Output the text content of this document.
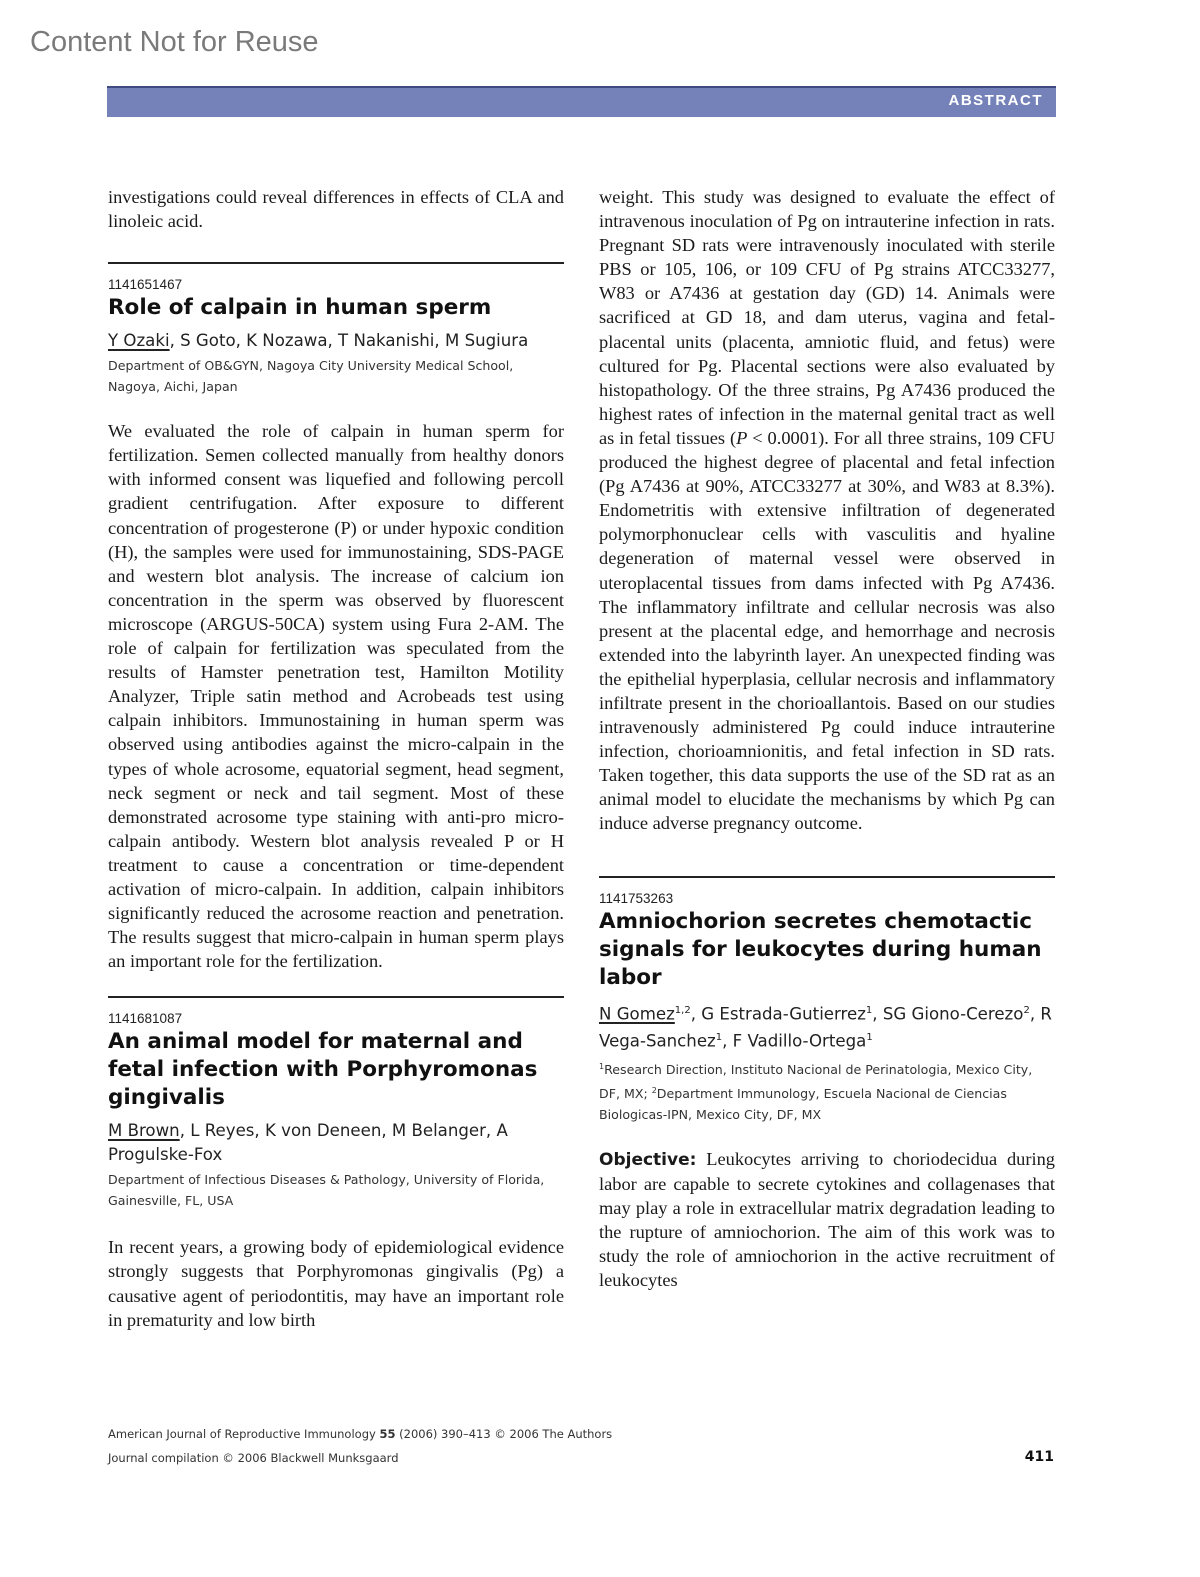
Content Not for Reuse
ABSTRACT

investigations could reveal differences in effects of CLA and linoleic acid.

1141651467
Role of calpain in human sperm
Y Ozaki, S Goto, K Nozawa, T Nakanishi, M Sugiura
Department of OB&GYN, Nagoya City University Medical School, Nagoya, Aichi, Japan

We evaluated the role of calpain in human sperm for fertilization. Semen collected manually from healthy donors with informed consent was liquefied and following percoll gradient centrifugation. After exposure to different concentration of progesterone (P) or under hypoxic condition (H), the samples were used for immunostaining, SDS-PAGE and western blot analysis. The increase of calcium ion concentration in the sperm was observed by fluorescent microscope (ARGUS-50CA) system using Fura 2-AM. The role of calpain for fertilization was speculated from the results of Hamster penetration test, Hamilton Motility Analyzer, Triple satin method and Acrobeads test using calpain inhibitors. Immunostaining in human sperm was observed using antibodies against the micro-calpain in the types of whole acrosome, equatorial segment, head segment, neck segment or neck and tail segment. Most of these demonstrated acrosome type staining with anti-pro micro-calpain antibody. Western blot analysis revealed P or H treatment to cause a concentration or time-dependent activation of micro-calpain. In addition, calpain inhibitors significantly reduced the acrosome reaction and penetration. The results suggest that micro-calpain in human sperm plays an important role for the fertilization.

1141681087
An animal model for maternal and fetal infection with Porphyromonas gingivalis
M Brown, L Reyes, K von Deneen, M Belanger, A Progulske-Fox
Department of Infectious Diseases & Pathology, University of Florida, Gainesville, FL, USA

In recent years, a growing body of epidemiological evidence strongly suggests that Porphyromonas gingivalis (Pg) a causative agent of periodontitis, may have an important role in prematurity and low birth

weight. This study was designed to evaluate the effect of intravenous inoculation of Pg on intrauterine infection in rats. Pregnant SD rats were intravenously inoculated with sterile PBS or 105, 106, or 109 CFU of Pg strains ATCC33277, W83 or A7436 at gestation day (GD) 14. Animals were sacrificed at GD 18, and dam uterus, vagina and fetal-placental units (placenta, amniotic fluid, and fetus) were cultured for Pg. Placental sections were also evaluated by histopathology. Of the three strains, Pg A7436 produced the highest rates of infection in the maternal genital tract as well as in fetal tissues (P < 0.0001). For all three strains, 109 CFU produced the highest degree of placental and fetal infection (Pg A7436 at 90%, ATCC33277 at 30%, and W83 at 8.3%). Endometritis with extensive infiltration of degenerated polymorphonuclear cells with vasculitis and hyaline degeneration of maternal vessel were observed in uteroplacental tissues from dams infected with Pg A7436. The inflammatory infiltrate and cellular necrosis was also present at the placental edge, and hemorrhage and necrosis extended into the labyrinth layer. An unexpected finding was the epithelial hyperplasia, cellular necrosis and inflammatory infiltrate present in the chorioallantois. Based on our studies intravenously administered Pg could induce intrauterine infection, chorioamnionitis, and fetal infection in SD rats. Taken together, this data supports the use of the SD rat as an animal model to elucidate the mechanisms by which Pg can induce adverse pregnancy outcome.

1141753263
Amniochorion secretes chemotactic signals for leukocytes during human labor
N Gomez$^{1,2}$, G Estrada-Gutierrez$^1$, SG Giono-Cerezo$^2$, R Vega-Sanchez$^1$, F Vadillo-Ortega$^1$
$^1$Research Direction, Instituto Nacional de Perinatologia, Mexico City, DF, MX; $^2$Department Immunology, Escuela Nacional de Ciencias Biologicas-IPN, Mexico City, DF, MX

Objective: Leukocytes arriving to choriodecidua during labor are capable to secrete cytokines and collagenases that may play a role in extracellular matrix degradation leading to the rupture of amniochorion. The aim of this work was to study the role of amniochorion in the active recruitment of leukocytes

American Journal of Reproductive Immunology 55 (2006) 390–413 © 2006 The Authors
Journal compilation © 2006 Blackwell Munksgaard	411
